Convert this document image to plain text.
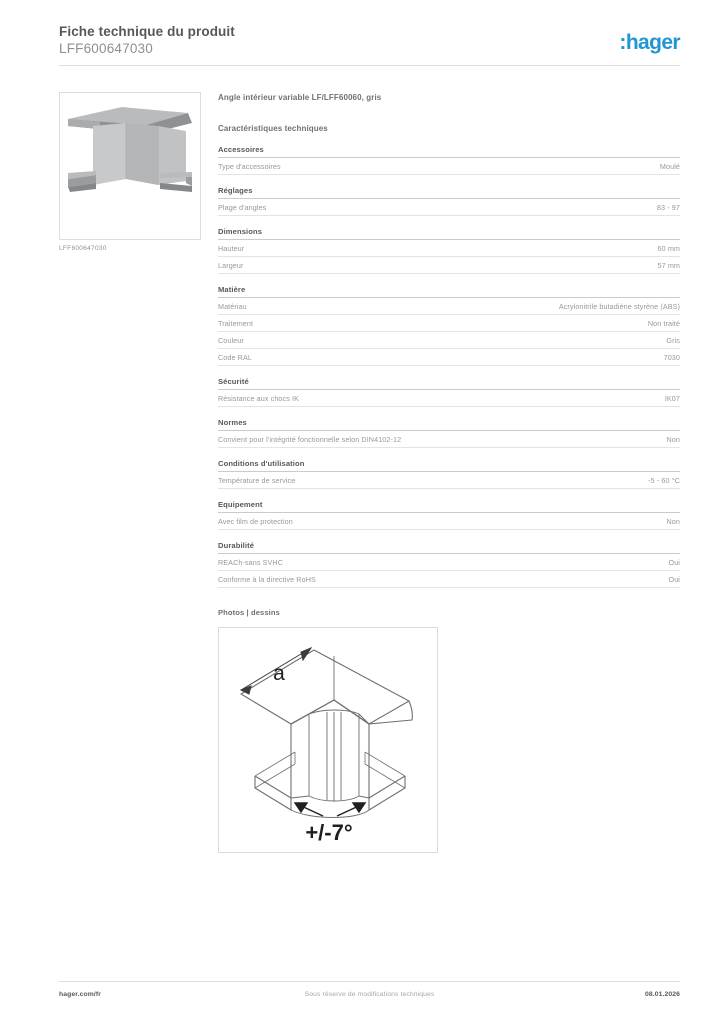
Fiche technique du produit
LFF600647030	:hager
LFF600647030
Angle intérieur variable LF/LFF60060, gris
Caractéristiques techniques
Accessoires
Type d'accessoires	Moulé
Réglages
Plage d'angles	83 - 97
Dimensions
Hauteur	60 mm
Largeur	57 mm
Matière
Matériau	Acrylonitrile butadiène styrène (ABS)
Traitement	Non traité
Couleur	Gris
Code RAL	7030
Sécurité
Résistance aux chocs IK	IK07
Normes
Convient pour l'intégrité fonctionnelle selon DIN4102-12	Non
Conditions d'utilisation
Température de service	-5 - 60 °C
Equipement
Avec film de protection	Non
Durabilité
REACh-sans SVHC	Oui
Conforme à la directive RoHS	Oui
Photos | dessins
a
+/-7°
hager.com/fr	Sous réserve de modifications techniques	08.01.2026
